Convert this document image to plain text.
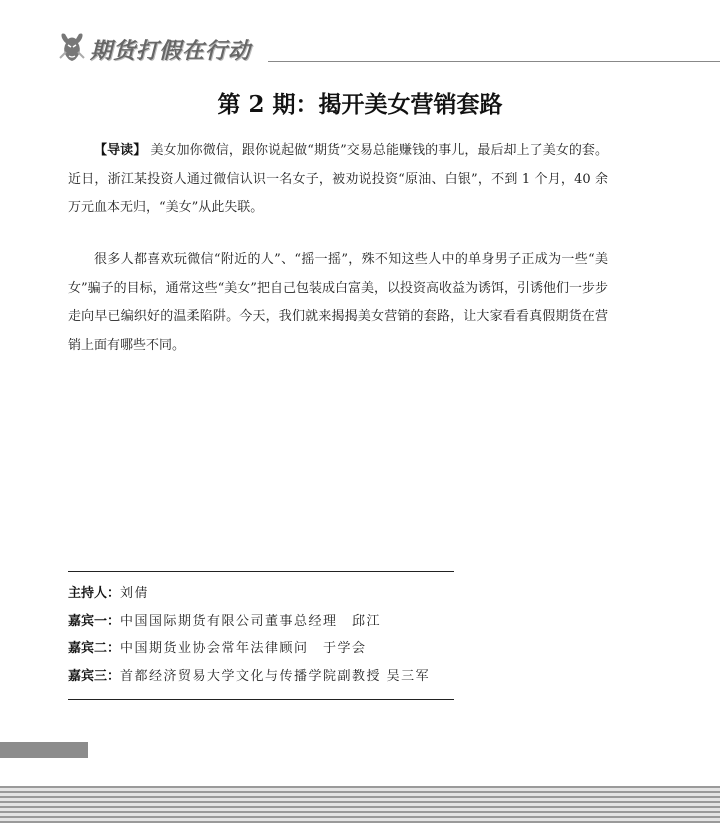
期货打假在行动
第 2 期：揭开美女营销套路

【导读】 美女加你微信，跟你说起做“期货”交易总能赚钱的事儿，最后却上了美女的套。近日，浙江某投资人通过微信认识一名女子，被劝说投资“原油、白银”，不到 1 个月，40 余万元血本无归，“美女”从此失联。

很多人都喜欢玩微信“附近的人”、“摇一摇”，殊不知这些人中的单身男子正成为一些“美女”骗子的目标，通常这些“美女”把自己包装成白富美，以投资高收益为诱饵，引诱他们一步步走向早已编织好的温柔陷阱。今天，我们就来揭揭美女营销的套路，让大家看看真假期货在营销上面有哪些不同。

主持人：刘倩
嘉宾一：中国国际期货有限公司董事总经理　邱江
嘉宾二：中国期货业协会常年法律顾问　于学会
嘉宾三：首都经济贸易大学文化与传播学院副教授 吴三军
